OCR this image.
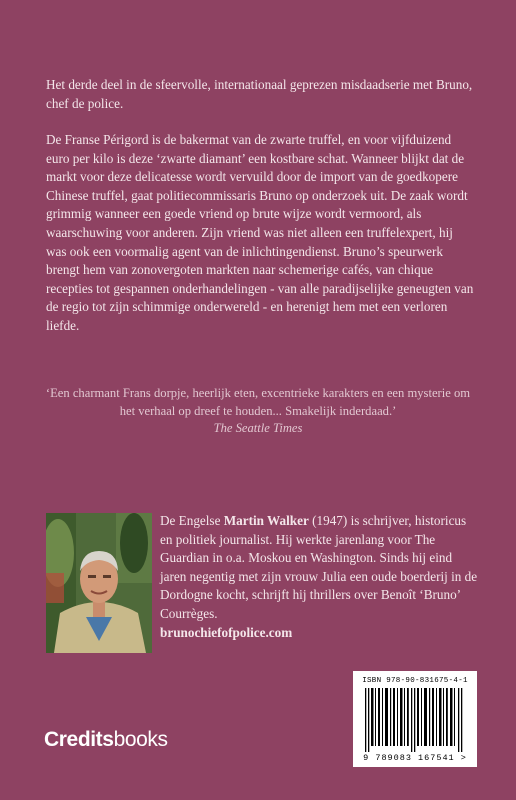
Het derde deel in de sfeervolle, internationaal geprezen misdaadserie met Bruno, chef de police.

De Franse Périgord is de bakermat van de zwarte truffel, en voor vijfduizend euro per kilo is deze ‘zwarte diamant’ een kostbare schat. Wanneer blijkt dat de markt voor deze delicatesse wordt vervuild door de import van de goedkopere Chinese truffel, gaat politiecommissaris Bruno op onderzoek uit. De zaak wordt grimmig wanneer een goede vriend op brute wijze wordt vermoord, als waarschuwing voor anderen. Zijn vriend was niet alleen een truffelexpert, hij was ook een voormalig agent van de inlichtingendienst. Bruno’s speurwerk brengt hem van zonovergoten markten naar schemerige cafés, van chique recepties tot gespannen onderhandelingen - van alle paradijselijke geneugten van de regio tot zijn schimmige onderwereld - en herenigt hem met een verloren liefde.

‘Een charmant Frans dorpje, heerlijk eten, excentrieke karakters en een mysterie om het verhaal op dreef te houden... Smakelijk inderdaad.’
The Seattle Times
De Engelse Martin Walker (1947) is schrijver, historicus en politiek journalist. Hij werkte jarenlang voor The Guardian in o.a. Moskou en Washington. Sinds hij eind jaren negentig met zijn vrouw Julia een oude boerderij in de Dordogne kocht, schrijft hij thrillers over Benoît ‘Bruno’ Courrèges.
brunochiefofpolice.com
ISBN 978-90-831675-4-1
9 789083 167541 >
Creditsbooks
